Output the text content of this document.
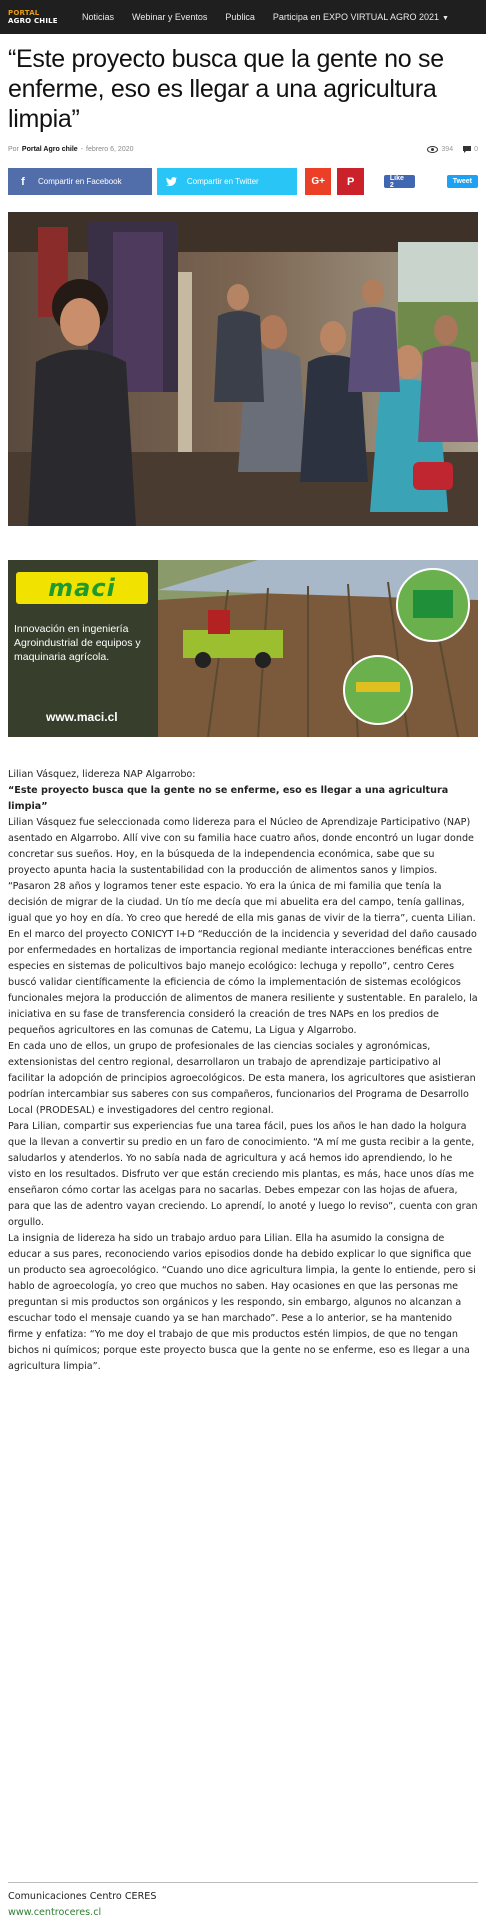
PORTAL
AGRO CHILE	Noticias Webinar y Eventos Publica Participa en EXPO VIRTUAL AGRO 2021 ▼
“Este proyecto busca que la gente no se enferme, eso es llegar a una agricultura limpia”
Por Portal Agro chile - febrero 6, 2020	394	0
f	Compartir en Facebook	Compartir en Twitter	G+ P	Like 2	Tweet
maci
Innovación en ingeniería Agroindustrial de equipos y maquinaria agrícola.
www.maci.cl

Lilian Vásquez, lidereza NAP Algarrobo:

“Este proyecto busca que la gente no se enferme, eso es llegar a una agricultura limpia”

Lilian Vásquez fue seleccionada como lidereza para el Núcleo de Aprendizaje Participativo (NAP) asentado en Algarrobo. Allí vive con su familia hace cuatro años, donde encontró un lugar donde concretar sus sueños. Hoy, en la búsqueda de la independencia económica, sabe que su proyecto apunta hacia la sustentabilidad con la producción de alimentos sanos y limpios.

“Pasaron 28 años y logramos tener este espacio. Yo era la única de mi familia que tenía la decisión de migrar de la ciudad. Un tío me decía que mi abuelita era del campo, tenía gallinas, igual que yo hoy en día. Yo creo que heredé de ella mis ganas de vivir de la tierra”, cuenta Lilian.

En el marco del proyecto CONICYT I+D “Reducción de la incidencia y severidad del daño causado por enfermedades en hortalizas de importancia regional mediante interacciones benéficas entre especies en sistemas de policultivos bajo manejo ecológico: lechuga y repollo”, centro Ceres buscó validar científicamente la eficiencia de cómo la implementación de sistemas ecológicos funcionales mejora la producción de alimentos de manera resiliente y sustentable. En paralelo, la iniciativa en su fase de transferencia consideró la creación de tres NAPs en los predios de pequeños agricultores en las comunas de Catemu, La Ligua y Algarrobo.

En cada uno de ellos, un grupo de profesionales de las ciencias sociales y agronómicas, extensionistas del centro regional, desarrollaron un trabajo de aprendizaje participativo al facilitar la adopción de principios agroecológicos. De esta manera, los agricultores que asistieran podrían intercambiar sus saberes con sus compañeros, funcionarios del Programa de Desarrollo Local (PRODESAL) e investigadores del centro regional.

Para Lilian, compartir sus experiencias fue una tarea fácil, pues los años le han dado la holgura que la llevan a convertir su predio en un faro de conocimiento. “A mí me gusta recibir a la gente, saludarlos y atenderlos. Yo no sabía nada de agricultura y acá hemos ido aprendiendo, lo he visto en los resultados. Disfruto ver que están creciendo mis plantas, es más, hace unos días me enseñaron cómo cortar las acelgas para no sacarlas. Debes empezar con las hojas de afuera, para que las de adentro vayan creciendo. Lo aprendí, lo anoté y luego lo reviso”, cuenta con gran orgullo.

La insignia de lidereza ha sido un trabajo arduo para Lilian. Ella ha asumido la consigna de educar a sus pares, reconociendo varios episodios donde ha debido explicar lo que significa que un producto sea agroecológico. “Cuando uno dice agricultura limpia, la gente lo entiende, pero si hablo de agroecología, yo creo que muchos no saben. Hay ocasiones en que las personas me preguntan si mis productos son orgánicos y les respondo, sin embargo, algunos no alcanzan a escuchar todo el mensaje cuando ya se han marchado”. Pese a lo anterior, se ha mantenido firme y enfatiza: “Yo me doy el trabajo de que mis productos estén limpios, de que no tengan bichos ni químicos; porque este proyecto busca que la gente no se enferme, eso es llegar a una agricultura limpia”.

Comunicaciones Centro CERES
www.centroceres.cl
